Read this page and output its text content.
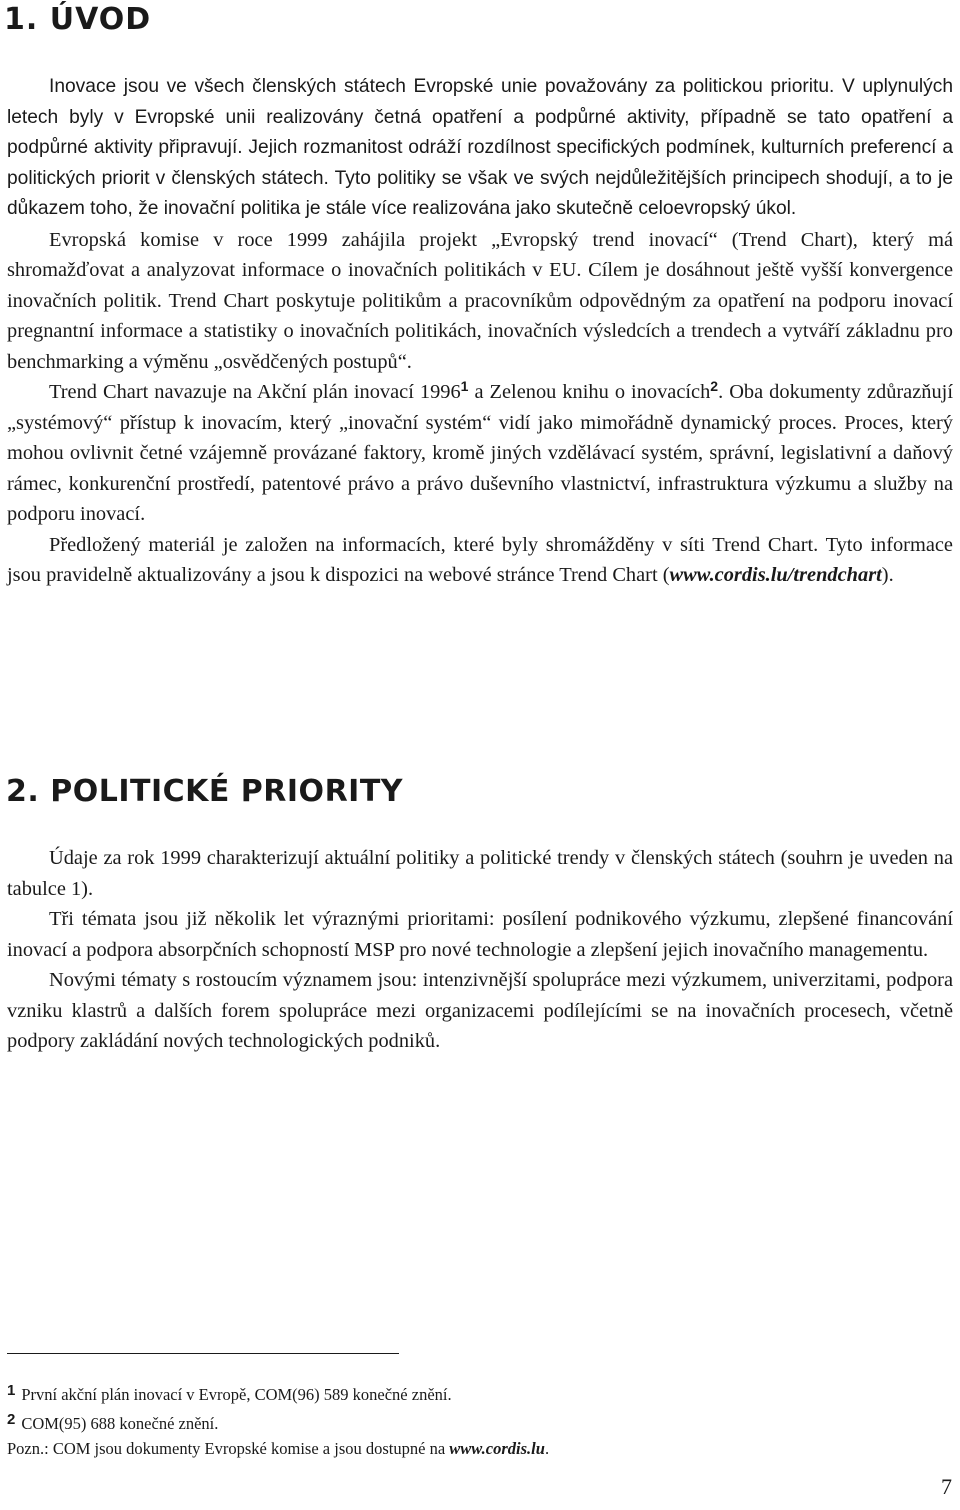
1. ÚVOD

Inovace jsou ve všech členských státech Evropské unie považovány za politickou prioritu. V uplynulých letech byly v Evropské unii realizovány četná opatření a podpůrné aktivity, případně se tato opatření a podpůrné aktivity připravují. Jejich rozmanitost odráží rozdílnost specifických podmínek, kulturních preferencí a politických priorit v členských státech. Tyto politiky se však ve svých nejdůležitějších principech shodují, a to je důkazem toho, že inovační politika je stále více realizována jako skutečně celoevropský úkol.

Evropská komise v roce 1999 zahájila projekt „Evropský trend inovací“ (Trend Chart), který má shromažďovat a analyzovat informace o inovačních politikách v EU. Cílem je dosáhnout ještě vyšší konvergence inovačních politik. Trend Chart poskytuje politikům a pracovníkům odpovědným za opatření na podporu inovací pregnantní informace a statistiky o inovačních politikách, inovačních výsledcích a trendech a vytváří základnu pro benchmarking a výměnu „osvědčených postupů“.

Trend Chart navazuje na Akční plán inovací 1996$^1$ a Zelenou knihu o inovacích$^2$. Oba dokumenty zdůrazňují „systémový“ přístup k inovacím, který „inovační systém“ vidí jako mimořádně dynamický proces. Proces, který mohou ovlivnit četné vzájemně provázané faktory, kromě jiných vzdělávací systém, správní, legislativní a daňový rámec, konkurenční prostředí, patentové právo a právo duševního vlastnictví, infrastruktura výzkumu a služby na podporu inovací.

Předložený materiál je založen na informacích, které byly shromážděny v síti Trend Chart. Tyto informace jsou pravidelně aktualizovány a jsou k dispozici na webové stránce Trend Chart (www.cordis.lu/trendchart).

2. POLITICKÉ PRIORITY

Údaje za rok 1999 charakterizují aktuální politiky a politické trendy v členských státech (souhrn je uveden na tabulce 1).

Tři témata jsou již několik let výraznými prioritami: posílení podnikového výzkumu, zlepšené financování inovací a podpora absorpčních schopností MSP pro nové technologie a zlepšení jejich inovačního managementu.

Novými tématy s rostoucím významem jsou: intenzivnější spolupráce mezi výzkumem, univerzitami, podpora vzniku klastrů a dalších forem spolupráce mezi organizacemi podílejícími se na inovačních procesech, včetně podpory zakládání nových technologických podniků.

1 První akční plán inovací v Evropě, COM(96) 589 konečné znění.
2 COM(95) 688 konečné znění.
Pozn.: COM jsou dokumenty Evropské komise a jsou dostupné na www.cordis.lu.
7
